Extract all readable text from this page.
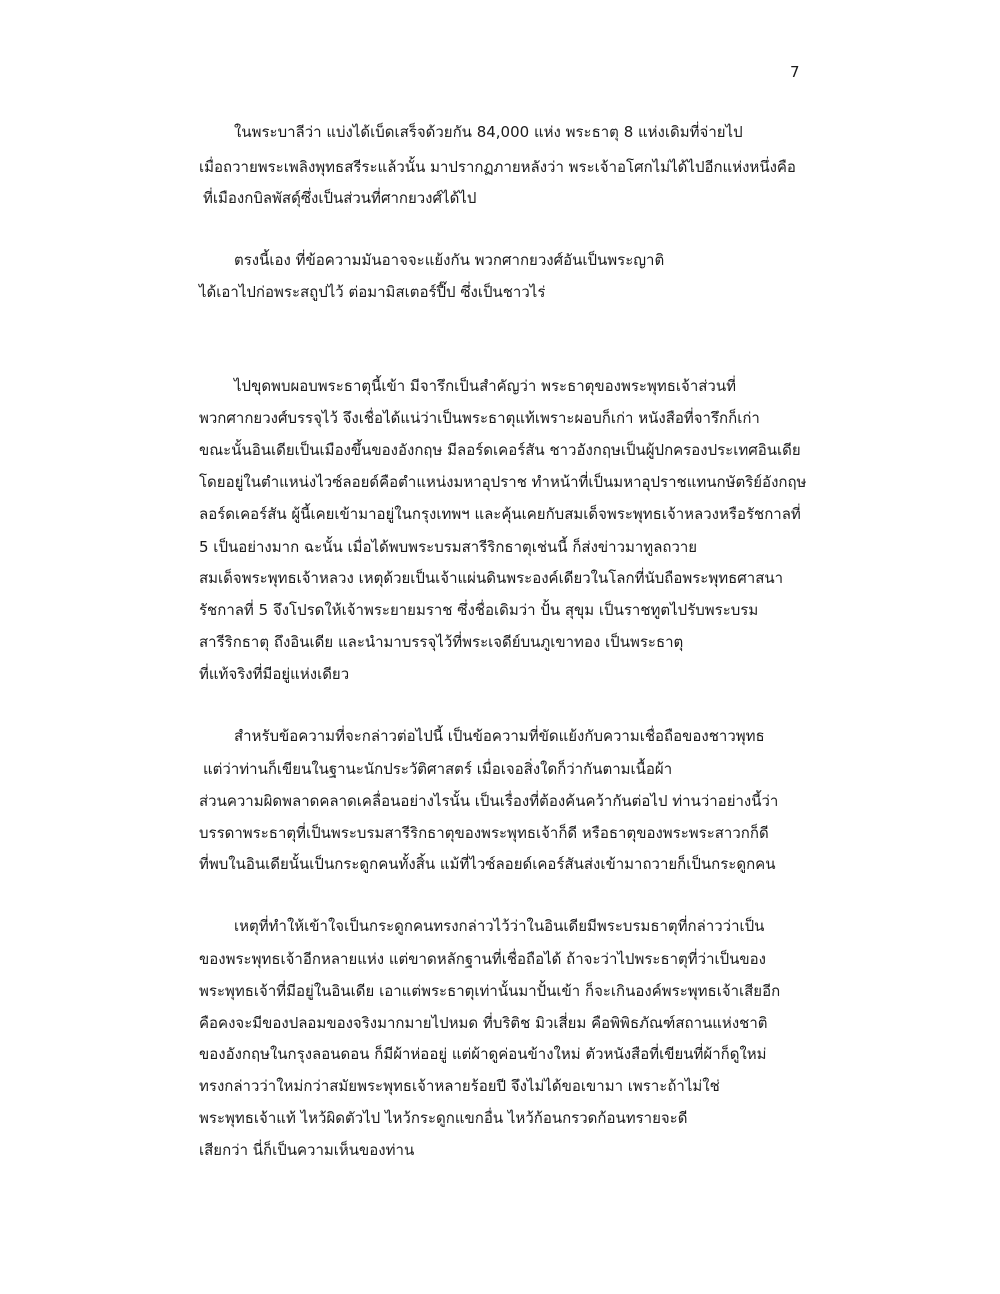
7
ในพระบาลีว่า แบ่งได้เบ็ดเสร็จด้วยกัน 84,000 แห่ง พระธาตุ 8 แห่งเดิมที่จ่ายไป
เมื่อถวายพระเพลิงพุทธสรีระแล้วนั้น มาปรากฏภายหลังว่า พระเจ้าอโศกไม่ได้ไปอีกแห่งหนึ่งคือ
ที่เมืองกบิลพัสดุ์ซึ่งเป็นส่วนที่ศากยวงศ์ได้ไป
ตรงนี้เอง ที่ข้อความมันอาจจะแย้งกัน พวกศากยวงศ์อันเป็นพระญาติ
ได้เอาไปก่อพระสถูปไว้ ต่อมามิสเตอร์ปี๊ป ซึ่งเป็นชาวไร่
ไปขุดพบผอบพระธาตุนี้เข้า มีจารึกเป็นสำคัญว่า พระธาตุของพระพุทธเจ้าส่วนที่
พวกศากยวงศ์บรรจุไว้ จึงเชื่อได้แน่ว่าเป็นพระธาตุแท้เพราะผอบก็เก่า หนังสือที่จารึกก็เก่า
ขณะนั้นอินเดียเป็นเมืองขึ้นของอังกฤษ มีลอร์ดเคอร์สัน ชาวอังกฤษเป็นผู้ปกครองประเทศอินเดีย
โดยอยู่ในตำแหน่งไวซ์ลอยด์คือตำแหน่งมหาอุปราช ทำหน้าที่เป็นมหาอุปราชแทนกษัตริย์อังกฤษ
ลอร์ดเคอร์สัน ผู้นี้เคยเข้ามาอยู่ในกรุงเทพฯ และคุ้นเคยกับสมเด็จพระพุทธเจ้าหลวงหรือรัชกาลที่
5 เป็นอย่างมาก ฉะนั้น เมื่อได้พบพระบรมสารีริกธาตุเช่นนี้ ก็ส่งข่าวมาทูลถวาย
สมเด็จพระพุทธเจ้าหลวง เหตุด้วยเป็นเจ้าแผ่นดินพระองค์เดียวในโลกที่นับถือพระพุทธศาสนา
รัชกาลที่ 5 จึงโปรดให้เจ้าพระยายมราช ซึ่งชื่อเดิมว่า ปั้น สุขุม เป็นราชทูตไปรับพระบรม
สารีริกธาตุ ถึงอินเดีย และนำมาบรรจุไว้ที่พระเจดีย์บนภูเขาทอง เป็นพระธาตุ
ที่แท้จริงที่มีอยู่แห่งเดียว
สำหรับข้อความที่จะกล่าวต่อไปนี้ เป็นข้อความที่ขัดแย้งกับความเชื่อถือของชาวพุทธ
แต่ว่าท่านก็เขียนในฐานะนักประวัติศาสตร์ เมื่อเจอสิ่งใดก็ว่ากันตามเนื้อผ้า
ส่วนความผิดพลาดคลาดเคลื่อนอย่างไรนั้น เป็นเรื่องที่ต้องค้นคว้ากันต่อไป ท่านว่าอย่างนี้ว่า
บรรดาพระธาตุที่เป็นพระบรมสารีริกธาตุของพระพุทธเจ้าก็ดี หรือธาตุของพระพระสาวกก็ดี
ที่พบในอินเดียนั้นเป็นกระดูกคนทั้งสิ้น แม้ที่ไวซ์ลอยด์เคอร์สันส่งเข้ามาถวายก็เป็นกระดูกคน
เหตุที่ทำให้เข้าใจเป็นกระดูกคนทรงกล่าวไว้ว่าในอินเดียมีพระบรมธาตุที่กล่าวว่าเป็น
ของพระพุทธเจ้าอีกหลายแห่ง แต่ขาดหลักฐานที่เชื่อถือได้ ถ้าจะว่าไปพระธาตุที่ว่าเป็นของ
พระพุทธเจ้าที่มีอยู่ในอินเดีย เอาแต่พระธาตุเท่านั้นมาปั้นเข้า ก็จะเกินองค์พระพุทธเจ้าเสียอีก
คือคงจะมีของปลอมของจริงมากมายไปหมด ที่บริติช มิวเสี่ยม คือพิพิธภัณฑ์สถานแห่งชาติ
ของอังกฤษในกรุงลอนดอน ก็มีผ้าห่ออยู่ แต่ผ้าดูค่อนข้างใหม่ ตัวหนังสือที่เขียนที่ผ้าก็ดูใหม่
ทรงกล่าวว่าใหม่กว่าสมัยพระพุทธเจ้าหลายร้อยปี จึงไม่ได้ขอเขามา เพราะถ้าไม่ใช่
พระพุทธเจ้าแท้ ไหว้ผิดตัวไป ไหว้กระดูกแขกอื่น ไหว้ก้อนกรวดก้อนทรายจะดี
เสียกว่า นี่ก็เป็นความเห็นของท่าน
